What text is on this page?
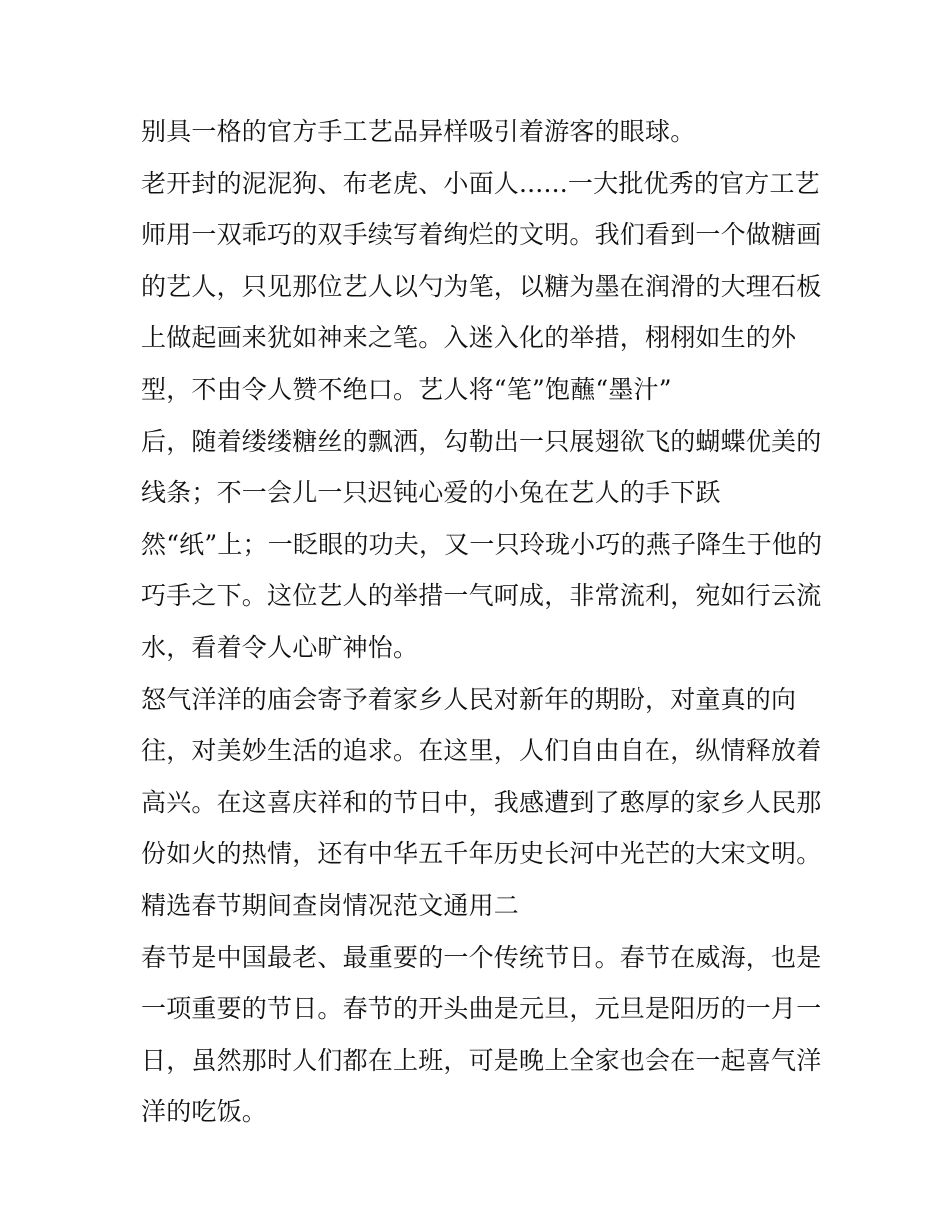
别具一格的官方手工艺品异样吸引着游客的眼球。
老开封的泥泥狗、布老虎、小面人......一大批优秀的官方工艺
师用一双乖巧的双手续写着绚烂的文明。我们看到一个做糖画
的艺人，只见那位艺人以勺为笔，以糖为墨在润滑的大理石板
上做起画来犹如神来之笔。入迷入化的举措，栩栩如生的外
型，不由令人赞不绝口。艺人将“笔”饱蘸“墨汁”
后，随着缕缕糖丝的飘洒，勾勒出一只展翅欲飞的蝴蝶优美的
线条；不一会儿一只迟钝心爱的小兔在艺人的手下跃
然“纸”上；一眨眼的功夫，又一只玲珑小巧的燕子降生于他的
巧手之下。这位艺人的举措一气呵成，非常流利，宛如行云流
水，看着令人心旷神怡。
怒气洋洋的庙会寄予着家乡人民对新年的期盼，对童真的向
往，对美妙生活的追求。在这里，人们自由自在，纵情释放着
高兴。在这喜庆祥和的节日中，我感遭到了憨厚的家乡人民那
份如火的热情，还有中华五千年历史长河中光芒的大宋文明。
精选春节期间查岗情况范文通用二
春节是中国最老、最重要的一个传统节日。春节在威海，也是
一项重要的节日。春节的开头曲是元旦，元旦是阳历的一月一
日，虽然那时人们都在上班，可是晚上全家也会在一起喜气洋
洋的吃饭。
